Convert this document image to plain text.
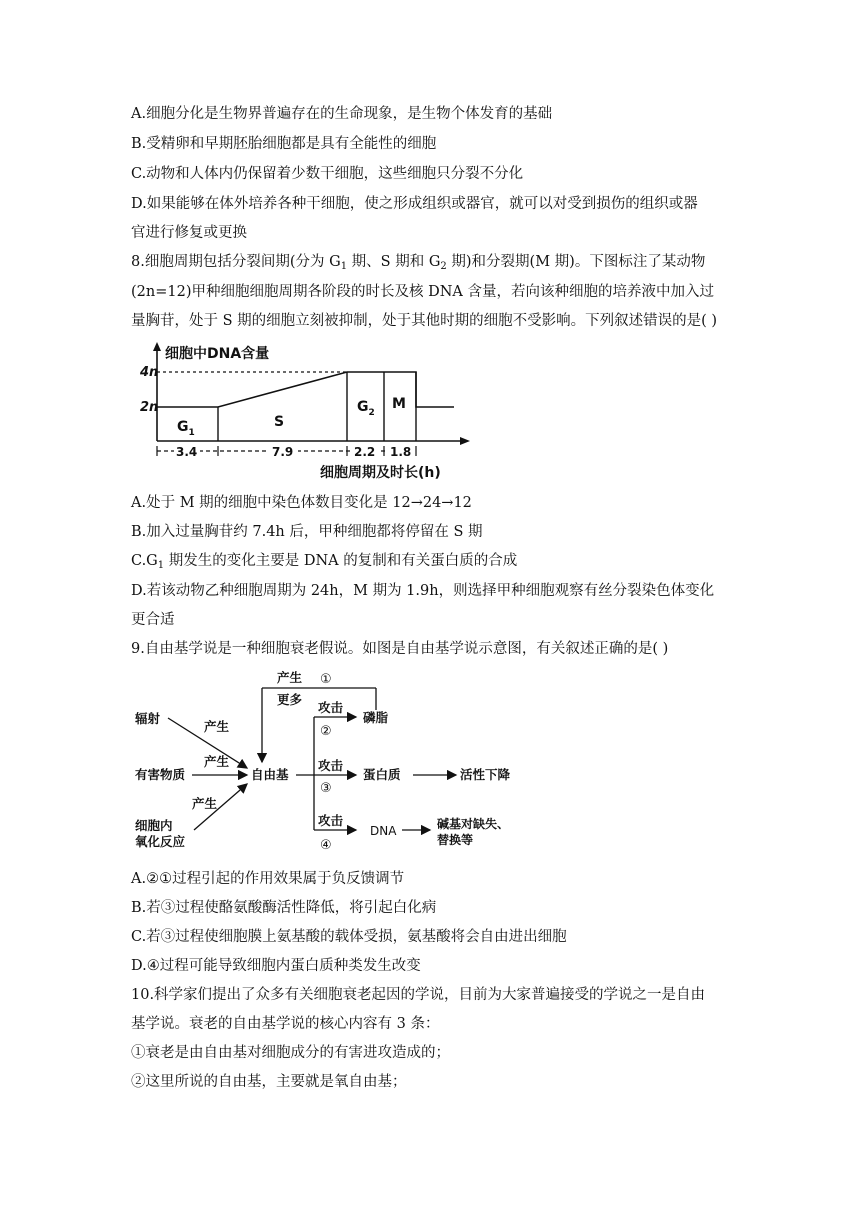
A.细胞分化是生物界普遍存在的生命现象，是生物个体发育的基础
B.受精卵和早期胚胎细胞都是具有全能性的细胞
C.动物和人体内仍保留着少数干细胞，这些细胞只分裂不分化
D.如果能够在体外培养各种干细胞，使之形成组织或器官，就可以对受到损伤的组织或器
官进行修复或更换
8.细胞周期包括分裂间期(分为 $G_1$ 期、S 期和 $G_2$ 期)和分裂期(M 期)。下图标注了某动物
(2n=12)甲种细胞细胞周期各阶段的时长及核 DNA 含量，若向该种细胞的培养液中加入过
量胸苷，处于 S 期的细胞立刻被抑制，处于其他时期的细胞不受影响。下列叙述错误的是( )
4n
2n
细胞中DNA含量
$G_1$
S
$G_2$
M
3.4	7.9	2.2 1.8
细胞周期及时长(h)
A.处于 M 期的细胞中染色体数目变化是 12→24→12
B.加入过量胸苷约 7.4h 后，甲种细胞都将停留在 S 期
$C.G_1$ 期发生的变化主要是 DNA 的复制和有关蛋白质的合成
D.若该动物乙种细胞周期为 24h，M 期为 1.9h，则选择甲种细胞观察有丝分裂染色体变化
更合适
9.自由基学说是一种细胞衰老假说。如图是自由基学说示意图，有关叙述正确的是( )
辐射
有害物质
细胞内
氧化反应
产生
产生
产生
自由基
产生 ①
更多
攻击
②
攻击
③
攻击
④
磷脂
蛋白质
DNA
活性下降
碱基对缺失、
替换等
A.②①过程引起的作用效果属于负反馈调节
B.若③过程使酪氨酸酶活性降低，将引起白化病
C.若③过程使细胞膜上氨基酸的载体受损，氨基酸将会自由进出细胞
D.④过程可能导致细胞内蛋白质种类发生改变
10.科学家们提出了众多有关细胞衰老起因的学说，目前为大家普遍接受的学说之一是自由
基学说。衰老的自由基学说的核心内容有 3 条：
①衰老是由自由基对细胞成分的有害进攻造成的；
②这里所说的自由基，主要就是氧自由基；
